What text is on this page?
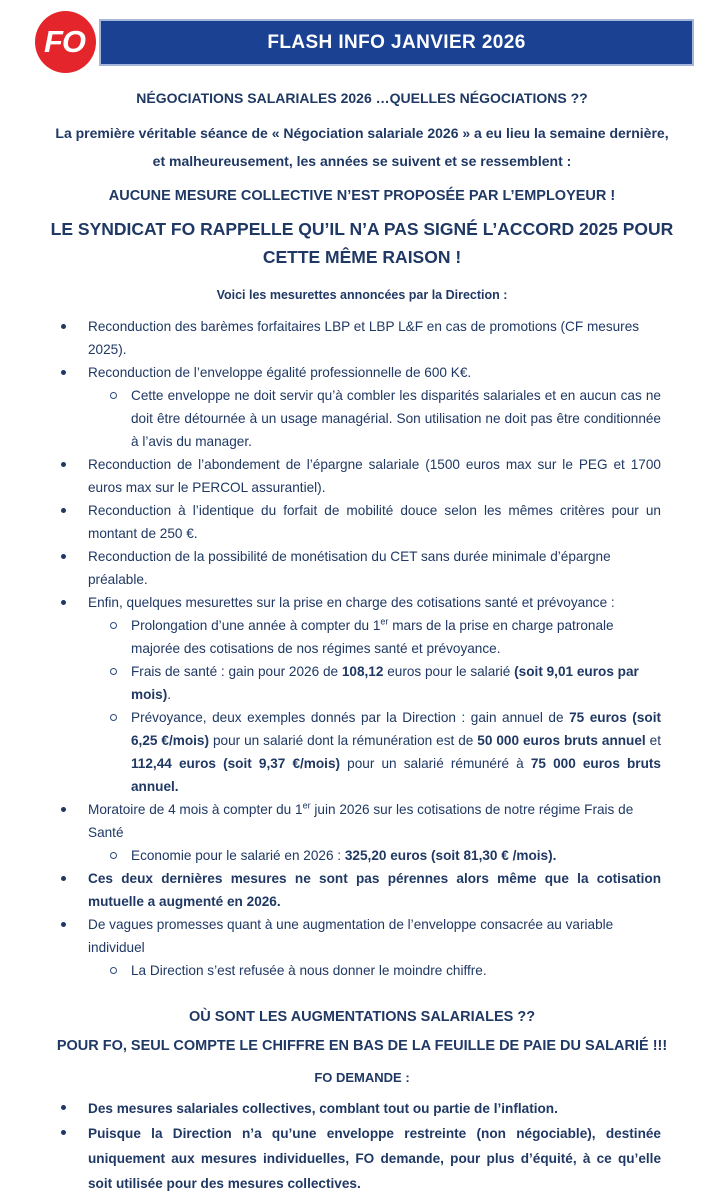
FO	FLASH INFO JANVIER 2026

NÉGOCIATIONS SALARIALES 2026 …QUELLES NÉGOCIATIONS ??

La première véritable séance de « Négociation salariale 2026 » a eu lieu la semaine dernière, et malheureusement, les années se suivent et se ressemblent :

AUCUNE MESURE COLLECTIVE N’EST PROPOSÉE PAR L’EMPLOYEUR !

LE SYNDICAT FO RAPPELLE QU’IL N’A PAS SIGNÉ L’ACCORD 2025 POUR CETTE MÊME RAISON !

Voici les mesurettes annoncées par la Direction :

Reconduction des barèmes forfaitaires LBP et LBP L&F en cas de promotions (CF mesures 2025).
Reconduction de l’enveloppe égalité professionnelle de 600 K€.
Cette enveloppe ne doit servir qu’à combler les disparités salariales et en aucun cas ne doit être détournée à un usage managérial. Son utilisation ne doit pas être conditionnée à l’avis du manager.
Reconduction de l’abondement de l’épargne salariale (1500 euros max sur le PEG et 1700 euros max sur le PERCOL assurantiel).
Reconduction à l’identique du forfait de mobilité douce selon les mêmes critères pour un montant de 250 €.
Reconduction de la possibilité de monétisation du CET sans durée minimale d’épargne préalable.
Enfin, quelques mesurettes sur la prise en charge des cotisations santé et prévoyance :
Prolongation d’une année à compter du 1er mars de la prise en charge patronale majorée des cotisations de nos régimes santé et prévoyance.
Frais de santé : gain pour 2026 de 108,12 euros pour le salarié (soit 9,01 euros par mois).
Prévoyance, deux exemples donnés par la Direction : gain annuel de 75 euros (soit 6,25 €/mois) pour un salarié dont la rémunération est de 50 000 euros bruts annuel et 112,44 euros (soit 9,37 €/mois) pour un salarié rémunéré à 75 000 euros bruts annuel.
Moratoire de 4 mois à compter du 1er juin 2026 sur les cotisations de notre régime Frais de Santé
Economie pour le salarié en 2026 : 325,20 euros (soit 81,30 € /mois).
Ces deux dernières mesures ne sont pas pérennes alors même que la cotisation mutuelle a augmenté en 2026.
De vagues promesses quant à une augmentation de l’enveloppe consacrée au variable individuel
La Direction s’est refusée à nous donner le moindre chiffre.

OÙ SONT LES AUGMENTATIONS SALARIALES ??

POUR FO, SEUL COMPTE LE CHIFFRE EN BAS DE LA FEUILLE DE PAIE DU SALARIÉ !!!

FO DEMANDE :

Des mesures salariales collectives, comblant tout ou partie de l’inflation.
Puisque la Direction n’a qu’une enveloppe restreinte (non négociable), destinée uniquement aux mesures individuelles, FO demande, pour plus d’équité, à ce qu’elle soit utilisée pour des mesures collectives.
